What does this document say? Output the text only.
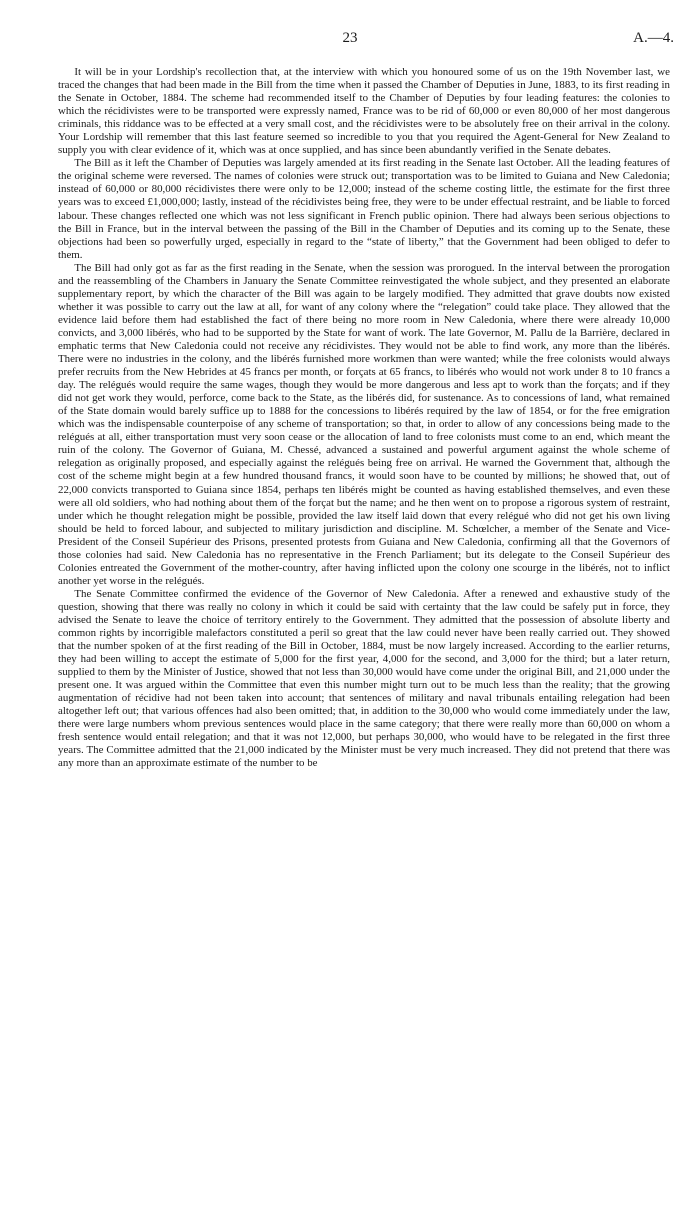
23	A.—4.

It will be in your Lordship's recollection that, at the interview with which you honoured some of us on the 19th November last, we traced the changes that had been made in the Bill from the time when it passed the Chamber of Deputies in June, 1883, to its first reading in the Senate in October, 1884. The scheme had recommended itself to the Chamber of Deputies by four leading features: the colonies to which the récidivistes were to be transported were expressly named, France was to be rid of 60,000 or even 80,000 of her most dangerous criminals, this riddance was to be effected at a very small cost, and the récidivistes were to be absolutely free on their arrival in the colony. Your Lordship will remember that this last feature seemed so incredible to you that you required the Agent-General for New Zealand to supply you with clear evidence of it, which was at once supplied, and has since been abundantly verified in the Senate debates.

The Bill as it left the Chamber of Deputies was largely amended at its first reading in the Senate last October. All the leading features of the original scheme were reversed. The names of colonies were struck out; transportation was to be limited to Guiana and New Caledonia; instead of 60,000 or 80,000 récidivistes there were only to be 12,000; instead of the scheme costing little, the estimate for the first three years was to exceed £1,000,000; lastly, instead of the récidivistes being free, they were to be under effectual restraint, and be liable to forced labour. These changes reflected one which was not less significant in French public opinion. There had always been serious objections to the Bill in France, but in the interval between the passing of the Bill in the Chamber of Deputies and its coming up to the Senate, these objections had been so powerfully urged, especially in regard to the “state of liberty,” that the Government had been obliged to defer to them.

The Bill had only got as far as the first reading in the Senate, when the session was prorogued. In the interval between the prorogation and the reassembling of the Chambers in January the Senate Committee reinvestigated the whole subject, and they presented an elaborate supplementary report, by which the character of the Bill was again to be largely modified. They admitted that grave doubts now existed whether it was possible to carry out the law at all, for want of any colony where the “relegation” could take place. They allowed that the evidence laid before them had established the fact of there being no more room in New Caledonia, where there were already 10,000 convicts, and 3,000 libérés, who had to be supported by the State for want of work. The late Governor, M. Pallu de la Barrière, declared in emphatic terms that New Caledonia could not receive any récidivistes. They would not be able to find work, any more than the libérés. There were no industries in the colony, and the libérés furnished more workmen than were wanted; while the free colonists would always prefer recruits from the New Hebrides at 45 francs per month, or forçats at 65 francs, to libérés who would not work under 8 to 10 francs a day. The relégués would require the same wages, though they would be more dangerous and less apt to work than the forçats; and if they did not get work they would, perforce, come back to the State, as the libérés did, for sustenance. As to concessions of land, what remained of the State domain would barely suffice up to 1888 for the concessions to libérés required by the law of 1854, or for the free emigration which was the indispensable counterpoise of any scheme of transportation; so that, in order to allow of any concessions being made to the relégués at all, either transportation must very soon cease or the allocation of land to free colonists must come to an end, which meant the ruin of the colony. The Governor of Guiana, M. Chessé, advanced a sustained and powerful argument against the whole scheme of relegation as originally proposed, and especially against the relégués being free on arrival. He warned the Government that, although the cost of the scheme might begin at a few hundred thousand francs, it would soon have to be counted by millions; he showed that, out of 22,000 convicts transported to Guiana since 1854, perhaps ten libérés might be counted as having established themselves, and even these were all old soldiers, who had nothing about them of the forçat but the name; and he then went on to propose a rigorous system of restraint, under which he thought relegation might be possible, provided the law itself laid down that every relégué who did not get his own living should be held to forced labour, and subjected to military jurisdiction and discipline. M. Schœlcher, a member of the Senate and Vice-President of the Conseil Supérieur des Prisons, presented protests from Guiana and New Caledonia, confirming all that the Governors of those colonies had said. New Caledonia has no representative in the French Parliament; but its delegate to the Conseil Supérieur des Colonies entreated the Government of the mother-country, after having inflicted upon the colony one scourge in the libérés, not to inflict another yet worse in the relégués.

The Senate Committee confirmed the evidence of the Governor of New Caledonia. After a renewed and exhaustive study of the question, showing that there was really no colony in which it could be said with certainty that the law could be safely put in force, they advised the Senate to leave the choice of territory entirely to the Government. They admitted that the possession of absolute liberty and common rights by incorrigible malefactors constituted a peril so great that the law could never have been really carried out. They showed that the number spoken of at the first reading of the Bill in October, 1884, must be now largely increased. According to the earlier returns, they had been willing to accept the estimate of 5,000 for the first year, 4,000 for the second, and 3,000 for the third; but a later return, supplied to them by the Minister of Justice, showed that not less than 30,000 would have come under the original Bill, and 21,000 under the present one. It was argued within the Committee that even this number might turn out to be much less than the reality; that the growing augmentation of récidive had not been taken into account; that sentences of military and naval tribunals entailing relegation had been altogether left out; that various offences had also been omitted; that, in addition to the 30,000 who would come immediately under the law, there were large numbers whom previous sentences would place in the same category; that there were really more than 60,000 on whom a fresh sentence would entail relegation; and that it was not 12,000, but perhaps 30,000, who would have to be relegated in the first three years. The Committee admitted that the 21,000 indicated by the Minister must be very much increased. They did not pretend that there was any more than an approximate estimate of the number to be
